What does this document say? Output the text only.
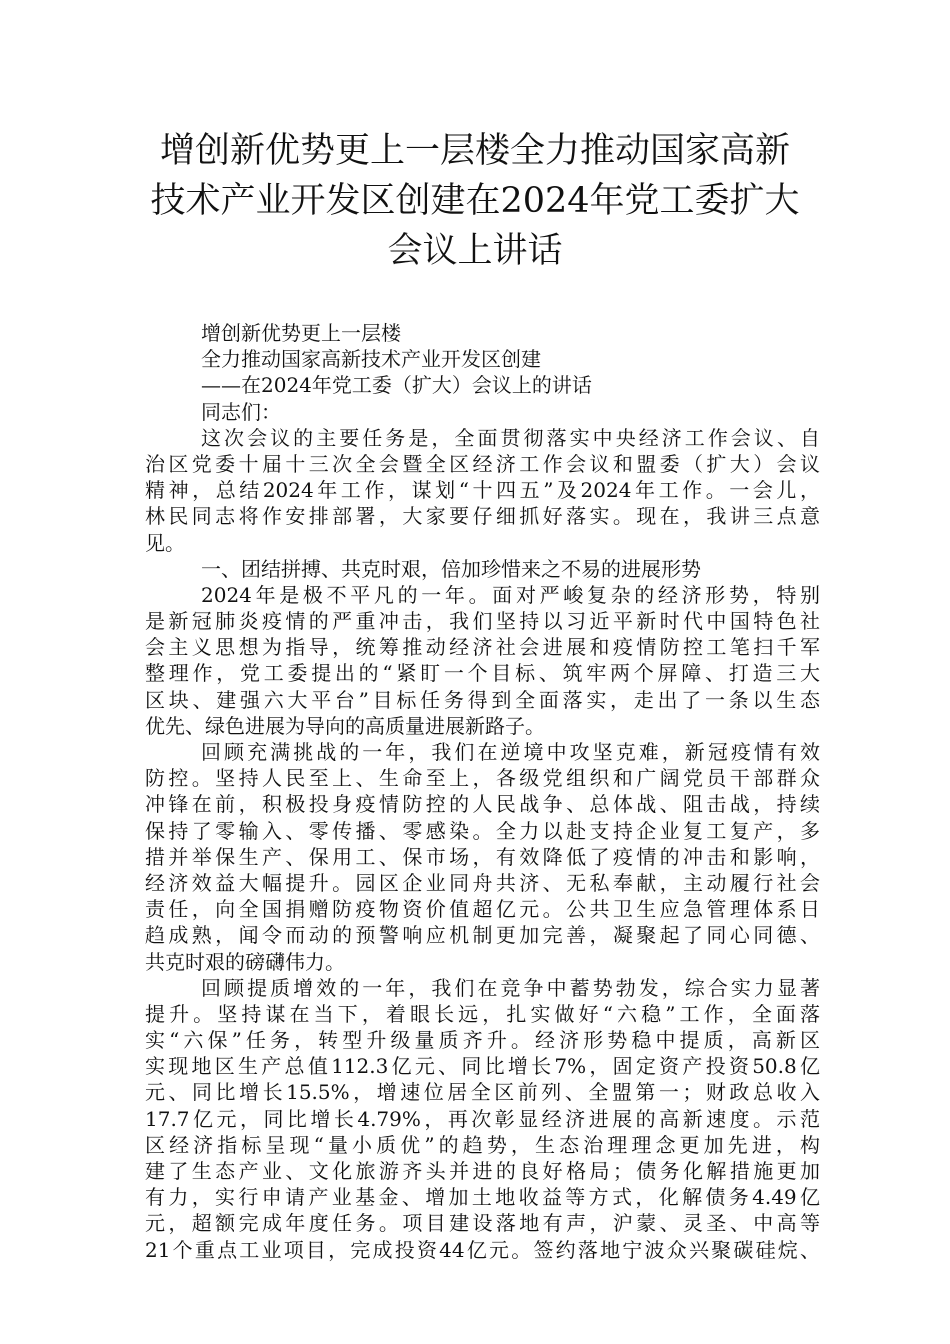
增创新优势更上一层楼全力推动国家高新
技术产业开发区创建在2024年党工委扩大
会议上讲话
增创新优势更上一层楼
全力推动国家高新技术产业开发区创建
——在2024年党工委（扩大）会议上的讲话
同志们：
这次会议的主要任务是，全面贯彻落实中央经济工作会议、自
治区党委十届十三次全会暨全区经济工作会议和盟委（扩大）会议
精神，总结2024年工作，谋划“十四五”及2024年工作。一会儿，
林民同志将作安排部署，大家要仔细抓好落实。现在，我讲三点意
见。
一、团结拼搏、共克时艰，倍加珍惜来之不易的进展形势
2024年是极不平凡的一年。面对严峻复杂的经济形势，特别
是新冠肺炎疫情的严重冲击，我们坚持以习近平新时代中国特色社
会主义思想为指导，统筹推动经济社会进展和疫情防控工笔扫千军
整理作，党工委提出的“紧盯一个目标、筑牢两个屏障、打造三大
区块、建强六大平台”目标任务得到全面落实，走出了一条以生态
优先、绿色进展为导向的高质量进展新路子。
回顾充满挑战的一年，我们在逆境中攻坚克难，新冠疫情有效
防控。坚持人民至上、生命至上，各级党组织和广阔党员干部群众
冲锋在前，积极投身疫情防控的人民战争、总体战、阻击战，持续
保持了零输入、零传播、零感染。全力以赴支持企业复工复产，多
措并举保生产、保用工、保市场，有效降低了疫情的冲击和影响，
经济效益大幅提升。园区企业同舟共济、无私奉献，主动履行社会
责任，向全国捐赠防疫物资价值超亿元。公共卫生应急管理体系日
趋成熟，闻令而动的预警响应机制更加完善，凝聚起了同心同德、
共克时艰的磅礴伟力。
回顾提质增效的一年，我们在竞争中蓄势勃发，综合实力显著
提升。坚持谋在当下，着眼长远，扎实做好“六稳”工作，全面落
实“六保”任务，转型升级量质齐升。经济形势稳中提质，高新区
实现地区生产总值112.3亿元、同比增长7%，固定资产投资50.8亿
元、同比增长15.5%，增速位居全区前列、全盟第一；财政总收入
17.7亿元，同比增长4.79%，再次彰显经济进展的高新速度。示范
区经济指标呈现“量小质优”的趋势，生态治理理念更加先进，构
建了生态产业、文化旅游齐头并进的良好格局；债务化解措施更加
有力，实行申请产业基金、增加土地收益等方式，化解债务4.49亿
元，超额完成年度任务。项目建设落地有声，沪蒙、灵圣、中高等
21个重点工业项目，完成投资44亿元。签约落地宁波众兴聚碳硅烷、
